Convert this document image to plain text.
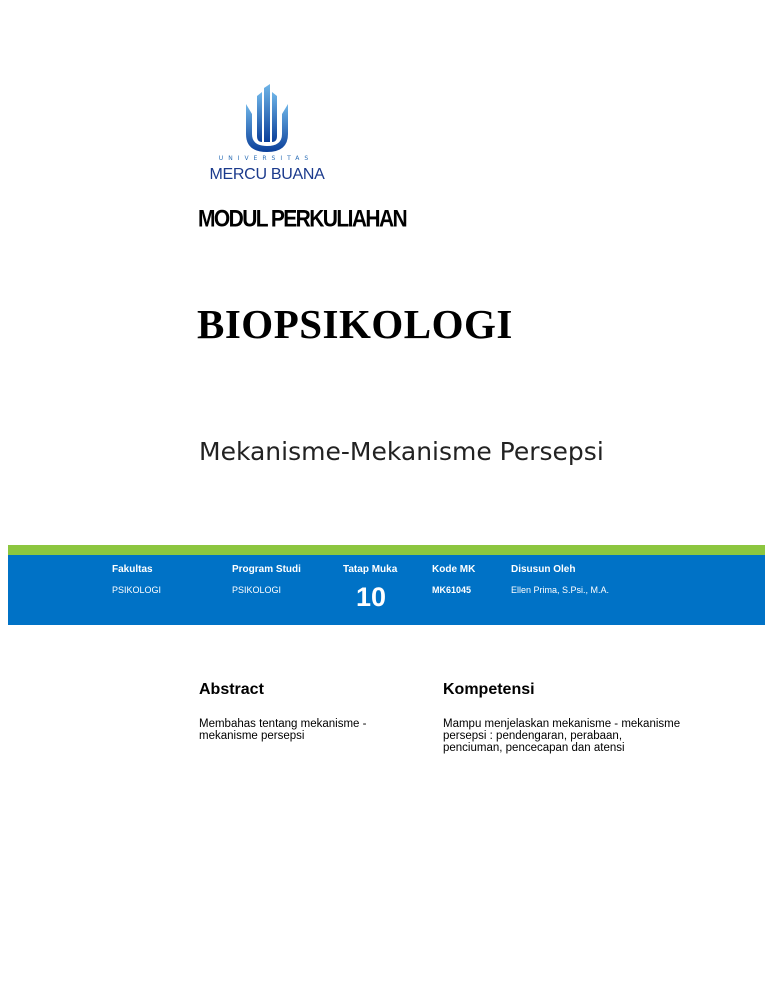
UNIVERSITAS
MERCU BUANA
MODUL PERKULIAHAN
BIOPSIKOLOGI
Mekanisme-Mekanisme Persepsi
Fakultas
PSIKOLOGI
Program Studi
PSIKOLOGI
Tatap Muka
10
Kode MK
MK61045
Disusun Oleh
Ellen Prima, S.Psi., M.A.
Abstract
Membahas tentang mekanisme - mekanisme persepsi
Kompetensi
Mampu menjelaskan mekanisme - mekanisme persepsi : pendengaran, perabaan, penciuman, pencecapan dan atensi
